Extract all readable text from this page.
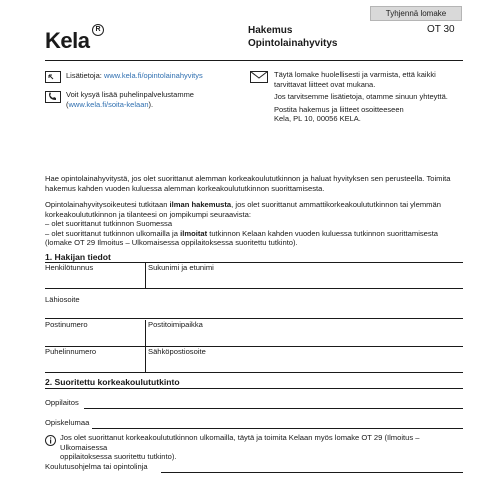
Tyhjennä lomake
Kela R	Hakemus
Opintolainahyvitys
OT 30
Lisätietoja: www.kela.fi/opintolainahyvitys
Voit kysyä lisää puhelinpalvelustamme
(www.kela.fi/soita-kelaan).
Täytä lomake huolellisesti ja varmista, että kaikki
tarvittavat liitteet ovat mukana.
Jos tarvitsemme lisätietoja, otamme sinuun yhteyttä.
Postita hakemus ja liitteet osoitteeseen
Kela, PL 10, 00056 KELA.
Hae opintolainahyvitystä, jos olet suorittanut alemman korkeakoulututkinnon ja haluat hyvityksen sen perusteella. Toimita
hakemus kahden vuoden kuluessa alemman korkeakoulututkinnon suorittamisesta.
Opintolainahyvitysoikeutesi tutkitaan ilman hakemusta, jos olet suorittanut ammattikorkeakoulututkinnon tai ylemmän
korkeakoulututkinnon ja tilanteesi on jompikumpi seuraavista:
– olet suorittanut tutkinnon Suomessa
– olet suorittanut tutkinnon ulkomailla ja ilmoitat tutkinnon Kelaan kahden vuoden kuluessa tutkinnon suorittamisesta
(lomake OT 29 Ilmoitus – Ulkomaisessa oppilaitoksessa suoritettu tutkinto).
1. Hakijan tiedot
Henkilötunnus	Sukunimi ja etunimi
Lähiosoite
Postinumero	Postitoimipaikka
Puhelinnumero	Sähköpostiosoite
2. Suoritettu korkeakoulututkinto
Oppilaitos
Opiskelumaa
Jos olet suorittanut korkeakoulututkinnon ulkomailla, täytä ja toimita Kelaan myös lomake OT 29 (Ilmoitus – Ulkomaisessa
oppilaitoksessa suoritettu tutkinto).
Koulutusohjelma tai opintolinja
